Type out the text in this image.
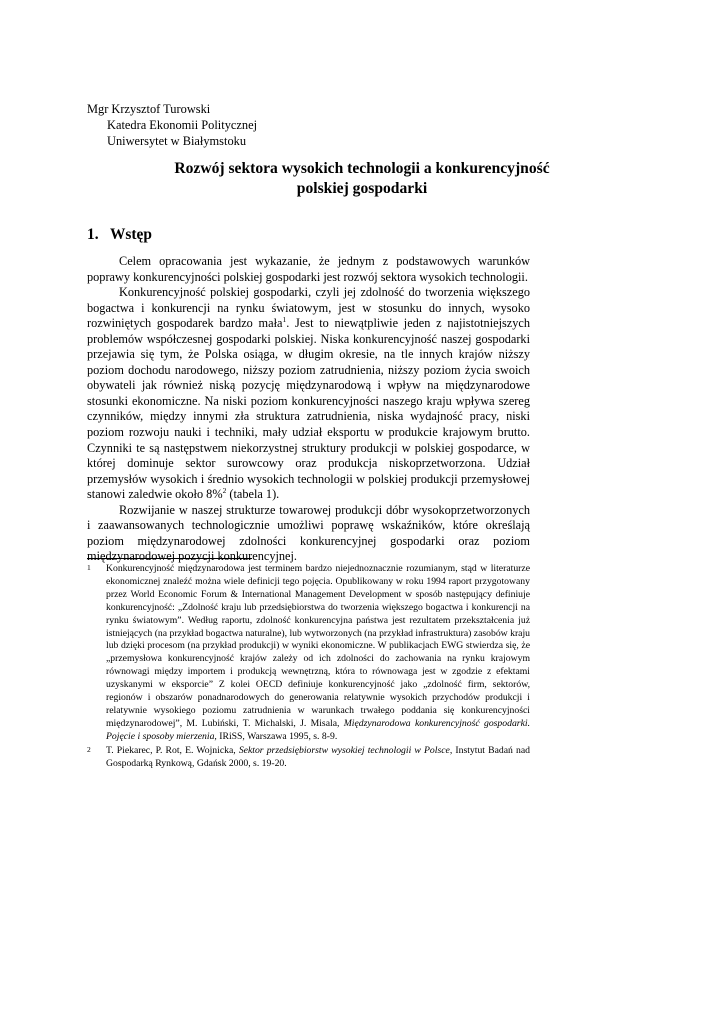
Mgr Krzysztof Turowski
Katedra Ekonomii Politycznej
Uniwersytet w Białymstoku
Rozwój sektora wysokich technologii a konkurencyjność
polskiej gospodarki
1. Wstęp

Celem opracowania jest wykazanie, że jednym z podstawowych warunków poprawy konkurencyjności polskiej gospodarki jest rozwój sektora wysokich technologii.

Konkurencyjność polskiej gospodarki, czyli jej zdolność do tworzenia większego bogactwa i konkurencji na rynku światowym, jest w stosunku do innych, wysoko rozwiniętych gospodarek bardzo mała$^1$. Jest to niewątpliwie jeden z najistotniejszych problemów współczesnej gospodarki polskiej. Niska konkurencyjność naszej gospodarki przejawia się tym, że Polska osiąga, w długim okresie, na tle innych krajów niższy poziom dochodu narodowego, niższy poziom zatrudnienia, niższy poziom życia swoich obywateli jak również niską pozycję międzynarodową i wpływ na międzynarodowe stosunki ekonomiczne. Na niski poziom konkurencyjności naszego kraju wpływa szereg czynników, między innymi zła struktura zatrudnienia, niska wydajność pracy, niski poziom rozwoju nauki i techniki, mały udział eksportu w produkcie krajowym brutto. Czynniki te są następstwem niekorzystnej struktury produkcji w polskiej gospodarce, w której dominuje sektor surowcowy oraz produkcja niskoprzetworzona. Udział przemysłów wysokich i średnio wysokich technologii w polskiej produkcji przemysłowej stanowi zaledwie około 8%$^2$ (tabela 1).

Rozwijanie w naszej strukturze towarowej produkcji dóbr wysokoprzetworzonych i zaawansowanych technologicznie umożliwi poprawę wskaźników, które określają poziom międzynarodowej zdolności konkurencyjnej gospodarki oraz poziom międzynarodowej pozycji konkurencyjnej.

1 Konkurencyjność międzynarodowa jest terminem bardzo niejednoznacznie rozumianym, stąd w literaturze ekonomicznej znaleźć można wiele definicji tego pojęcia. Opublikowany w roku 1994 raport przygotowany przez World Economic Forum & International Management Development w sposób następujący definiuje konkurencyjność: „Zdolność kraju lub przedsiębiorstwa do tworzenia większego bogactwa i konkurencji na rynku światowym”. Według raportu, zdolność konkurencyjna państwa jest rezultatem przekształcenia już istniejących (na przykład bogactwa naturalne), lub wytworzonych (na przykład infrastruktura) zasobów kraju lub dzięki procesom (na przykład produkcji) w wyniki ekonomiczne. W publikacjach EWG stwierdza się, że „przemysłowa konkurencyjność krajów zależy od ich zdolności do zachowania na rynku krajowym równowagi między importem i produkcją wewnętrzną, która to równowaga jest w zgodzie z efektami uzyskanymi w eksporcie” Z kolei OECD definiuje konkurencyjność jako „zdolność firm, sektorów, regionów i obszarów ponadnarodowych do generowania relatywnie wysokich przychodów produkcji i relatywnie wysokiego poziomu zatrudnienia w warunkach trwałego poddania się konkurencyjności międzynarodowej”, M. Lubiński, T. Michalski, J. Misala, Międzynarodowa konkurencyjność gospodarki. Pojęcie i sposoby mierzenia, IRiSS, Warszawa 1995, s. 8-9.
2 T. Piekarec, P. Rot, E. Wojnicka, Sektor przedsiębiorstw wysokiej technologii w Polsce, Instytut Badań nad Gospodarką Rynkową, Gdańsk 2000, s. 19-20.
